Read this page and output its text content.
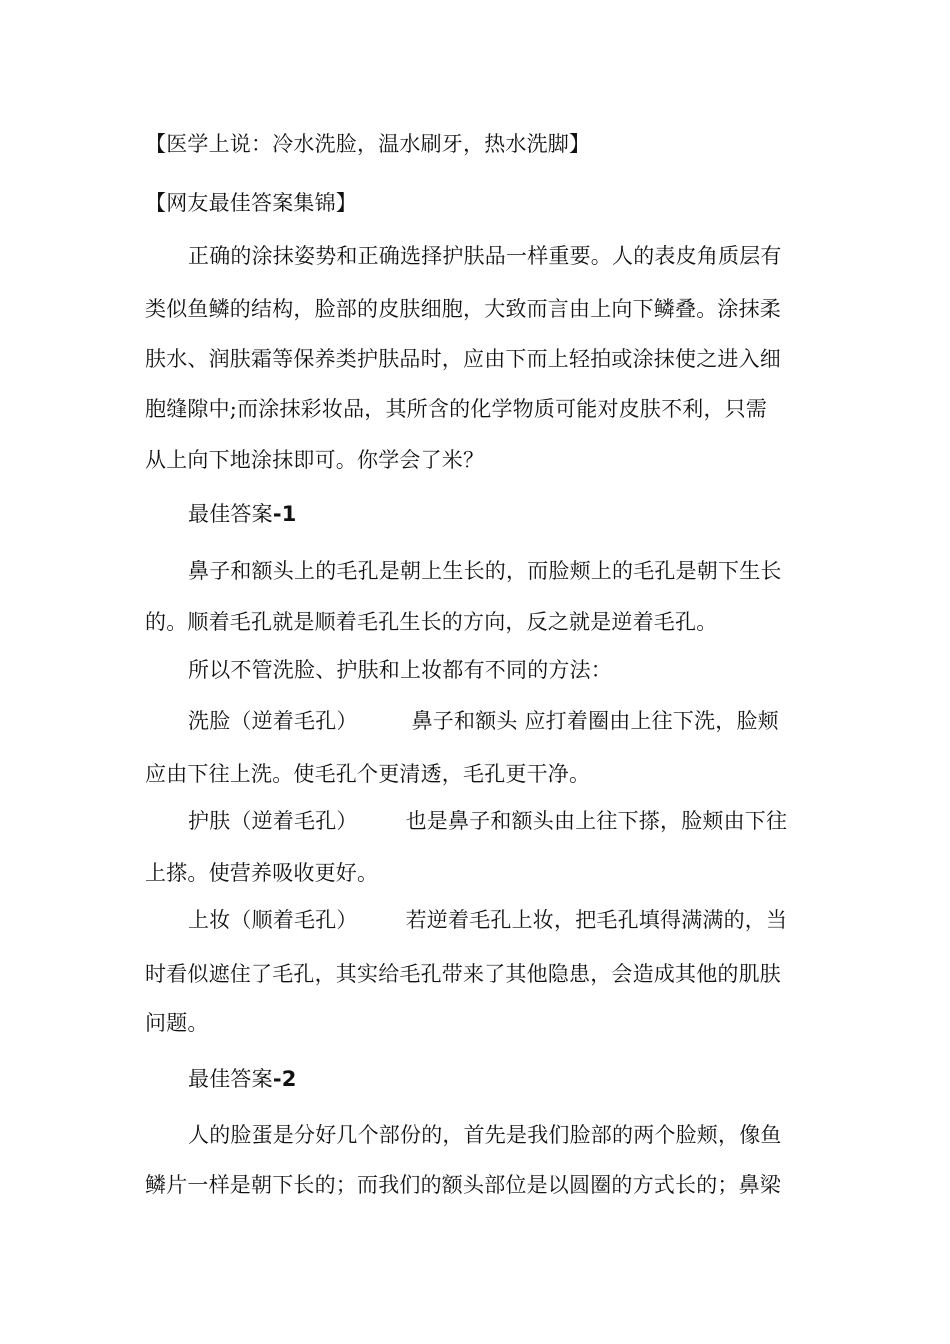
【医学上说：冷水洗脸，温水刷牙，热水洗脚】
【网友最佳答案集锦】
正确的涂抹姿势和正确选择护肤品一样重要。人的表皮角质层有
类似鱼鳞的结构，脸部的皮肤细胞，大致而言由上向下鳞叠。涂抹柔
肤水、润肤霜等保养类护肤品时，应由下而上轻拍或涂抹使之进入细
胞缝隙中;而涂抹彩妆品，其所含的化学物质可能对皮肤不利，只需
从上向下地涂抹即可。你学会了米？
最佳答案-1
鼻子和额头上的毛孔是朝上生长的，而脸颊上的毛孔是朝下生长
的。顺着毛孔就是顺着毛孔生长的方向，反之就是逆着毛孔。
所以不管洗脸、护肤和上妆都有不同的方法：
洗脸（逆着毛孔）	鼻子和额头 应打着圈由上往下洗，脸颊
应由下往上洗。使毛孔个更清透，毛孔更干净。
护肤（逆着毛孔） 也是鼻子和额头由上往下搽，脸颊由下往
上搽。使营养吸收更好。
上妆（顺着毛孔） 若逆着毛孔上妆，把毛孔填得满满的，当
时看似遮住了毛孔，其实给毛孔带来了其他隐患，会造成其他的肌肤
问题。
最佳答案-2
人的脸蛋是分好几个部份的，首先是我们脸部的两个脸颊，像鱼
鳞片一样是朝下长的；而我们的额头部位是以圆圈的方式长的；鼻梁
